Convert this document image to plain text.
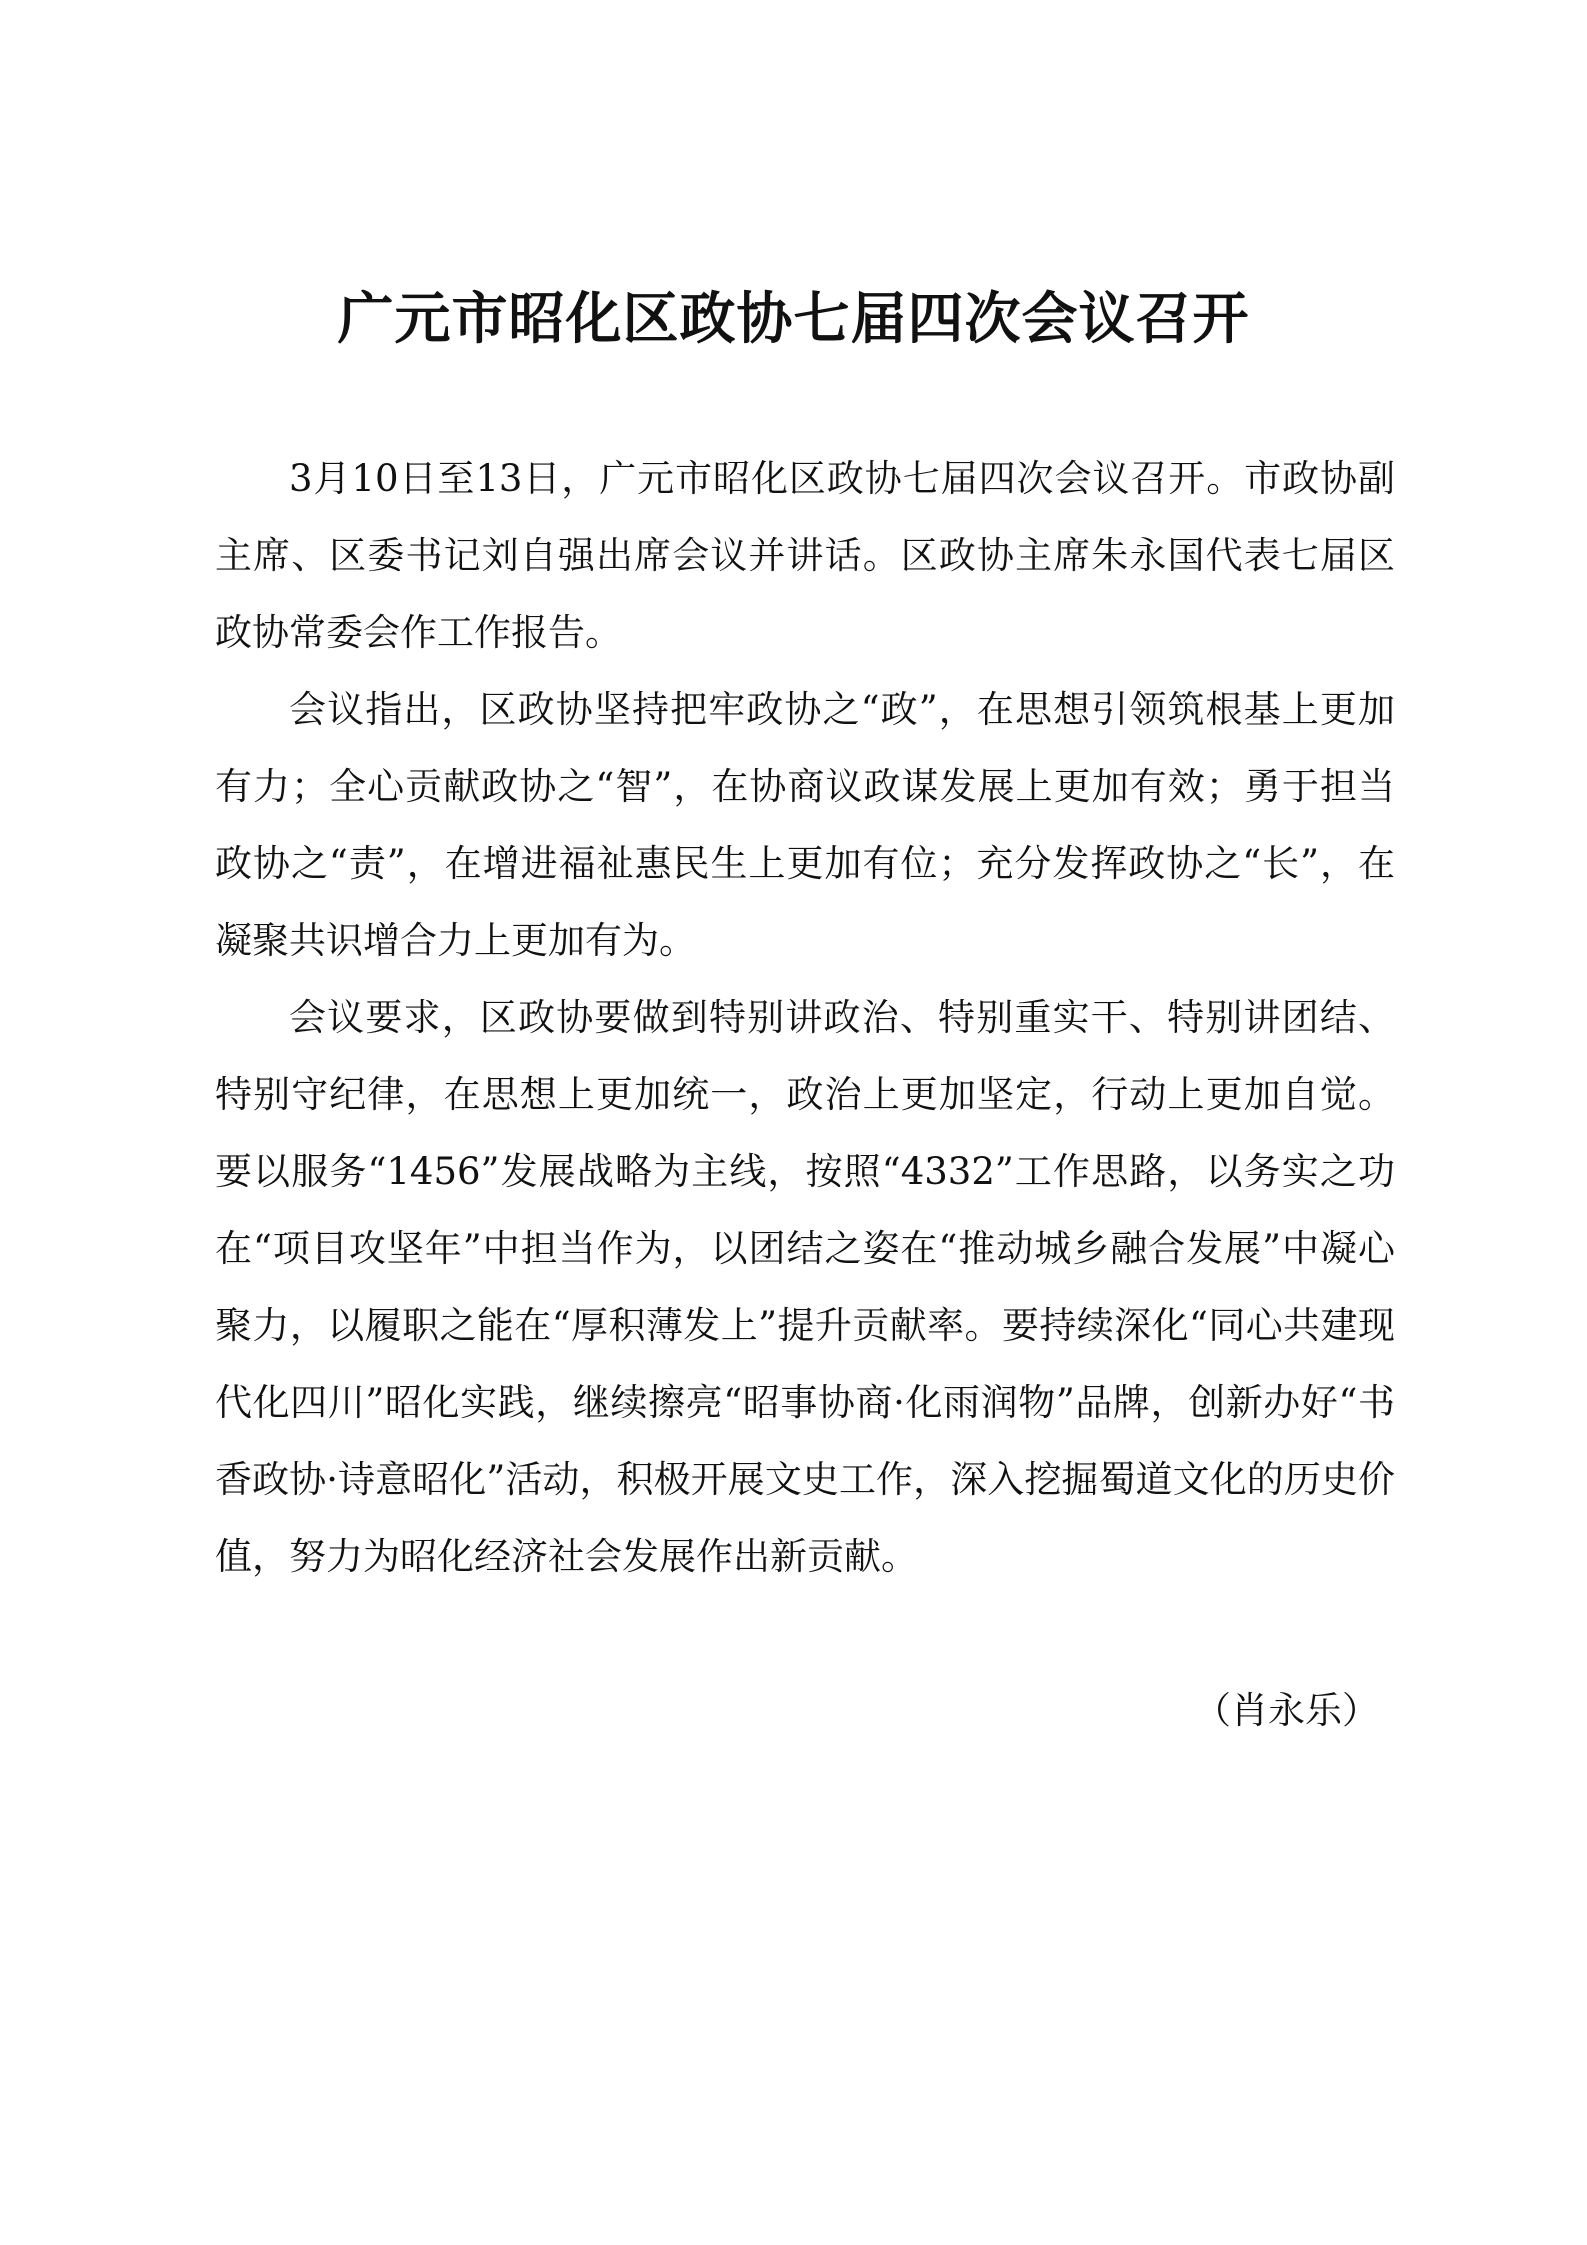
广元市昭化区政协七届四次会议召开

3月10日至13日，广元市昭化区政协七届四次会议召开。市政协副主席、区委书记刘自强出席会议并讲话。区政协主席朱永国代表七届区政协常委会作工作报告。

会议指出，区政协坚持把牢政协之“政”，在思想引领筑根基上更加有力；全心贡献政协之“智”，在协商议政谋发展上更加有效；勇于担当政协之“责”，在增进福祉惠民生上更加有位；充分发挥政协之“长”，在凝聚共识增合力上更加有为。

会议要求，区政协要做到特别讲政治、特别重实干、特别讲团结、特别守纪律，在思想上更加统一，政治上更加坚定，行动上更加自觉。要以服务“1456”发展战略为主线，按照“4332”工作思路，以务实之功在“项目攻坚年”中担当作为，以团结之姿在“推动城乡融合发展”中凝心聚力，以履职之能在“厚积薄发上”提升贡献率。要持续深化“同心共建现代化四川”昭化实践，继续擦亮“昭事协商·化雨润物”品牌，创新办好“书香政协·诗意昭化”活动，积极开展文史工作，深入挖掘蜀道文化的历史价值，努力为昭化经济社会发展作出新贡献。

（肖永乐）
